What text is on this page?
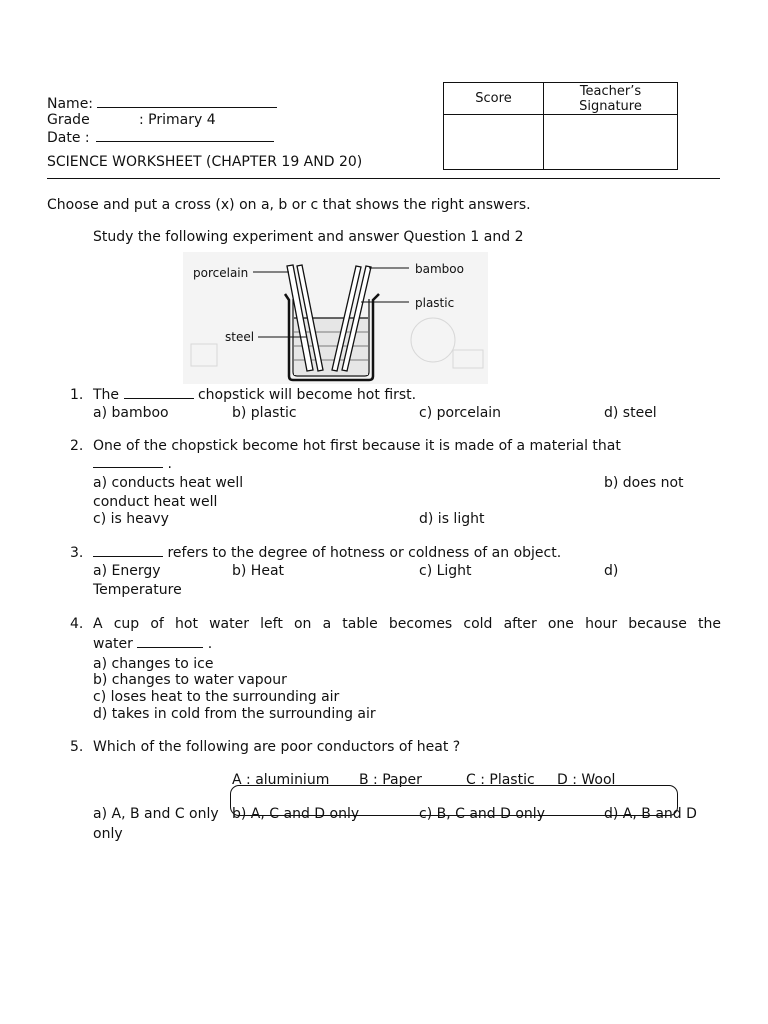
Name:
Grade	: Primary 4
Date :
SCIENCE WORKSHEET (CHAPTER 19 AND 20)
Score	Teacher’s
Signature

Choose and put a cross (x) on a, b or c that shows the right answers.
Study the following experiment and answer Question 1 and 2
porcelain	bamboo
plastic
steel
1. The	chopstick will become hot first.
a) bamboo	b) plastic	c) porcelain	d) steel
2. One of the chopstick become hot first because it is made of a material that
.
a) conducts heat well	b) does not
conduct heat well
c) is heavy	d) is light
3.	refers to the degree of hotness or coldness of an object.
a) Energy	b) Heat	c) Light	d)
Temperature
4. A cup of hot water left on a table becomes cold after one hour because the
water	.
a) changes to ice
b) changes to water vapour
c) loses heat to the surrounding air
d) takes in cold from the surrounding air
5. Which of the following are poor conductors of heat ?
A : aluminium B : Paper	C : Plastic D : Wool
a) A, B and C only b) A, C and D only	c) B, C and D only	d) A, B and D
only
